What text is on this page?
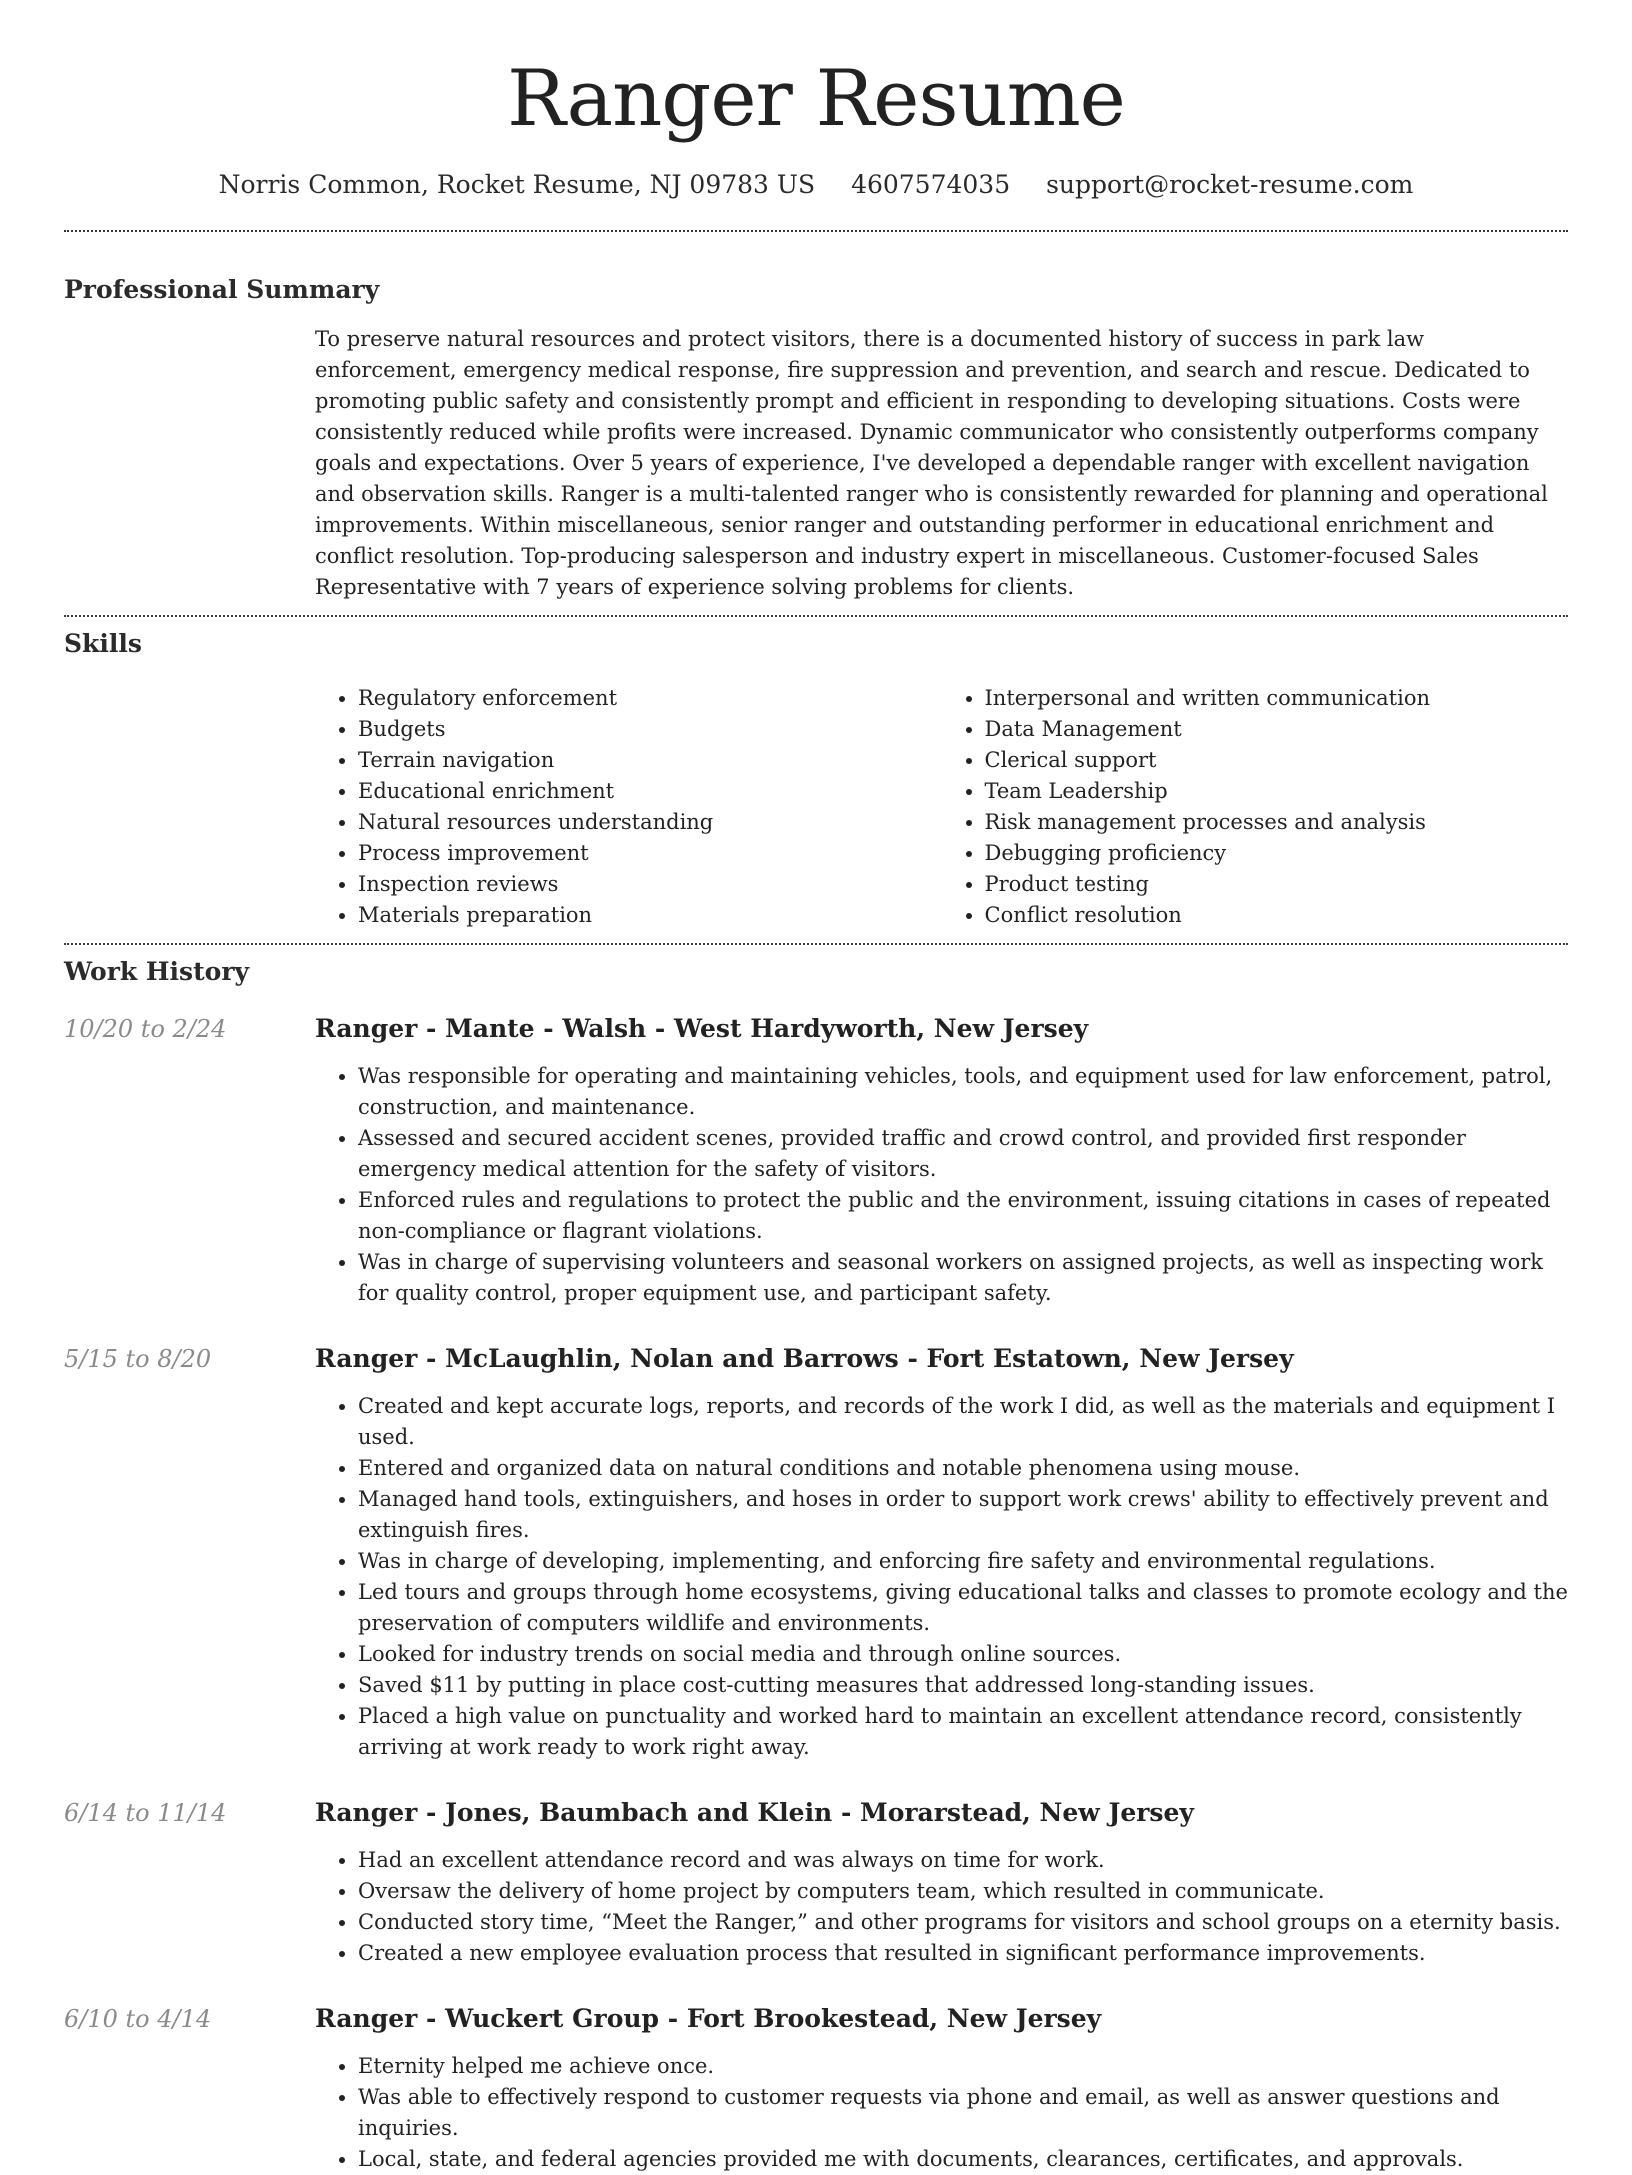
Ranger Resume
Norris Common, Rocket Resume, NJ 09783 US 4607574035 support@rocket-resume.com
Professional Summary

To preserve natural resources and protect visitors, there is a documented history of success in park law enforcement, emergency medical response, fire suppression and prevention, and search and rescue. Dedicated to promoting public safety and consistently prompt and efficient in responding to developing situations. Costs were consistently reduced while profits were increased. Dynamic communicator who consistently outperforms company goals and expectations. Over 5 years of experience, I've developed a dependable ranger with excellent navigation and observation skills. Ranger is a multi-talented ranger who is consistently rewarded for planning and operational improvements. Within miscellaneous, senior ranger and outstanding performer in educational enrichment and conflict resolution. Top-producing salesperson and industry expert in miscellaneous. Customer-focused Sales Representative with 7 years of experience solving problems for clients.

Skills
• Regulatory enforcement
• Budgets
• Terrain navigation
• Educational enrichment
• Natural resources understanding
• Process improvement
• Inspection reviews
• Materials preparation
• Interpersonal and written communication
• Data Management
• Clerical support
• Team Leadership
• Risk management processes and analysis
• Debugging proficiency
• Product testing
• Conflict resolution
Work History
10/20 to 2/24	Ranger - Mante - Walsh - West Hardyworth, New Jersey
• Was responsible for operating and maintaining vehicles, tools, and equipment used for law enforcement, patrol, construction, and maintenance.
• Assessed and secured accident scenes, provided traffic and crowd control, and provided first responder emergency medical attention for the safety of visitors.
• Enforced rules and regulations to protect the public and the environment, issuing citations in cases of repeated non-compliance or flagrant violations.
• Was in charge of supervising volunteers and seasonal workers on assigned projects, as well as inspecting work for quality control, proper equipment use, and participant safety.
5/15 to 8/20	Ranger - McLaughlin, Nolan and Barrows - Fort Estatown, New Jersey
• Created and kept accurate logs, reports, and records of the work I did, as well as the materials and equipment I used.
• Entered and organized data on natural conditions and notable phenomena using mouse.
• Managed hand tools, extinguishers, and hoses in order to support work crews' ability to effectively prevent and extinguish fires.
• Was in charge of developing, implementing, and enforcing fire safety and environmental regulations.
• Led tours and groups through home ecosystems, giving educational talks and classes to promote ecology and the preservation of computers wildlife and environments.
• Looked for industry trends on social media and through online sources.
• Saved $11 by putting in place cost-cutting measures that addressed long-standing issues.
• Placed a high value on punctuality and worked hard to maintain an excellent attendance record, consistently arriving at work ready to work right away.
6/14 to 11/14	Ranger - Jones, Baumbach and Klein - Morarstead, New Jersey
• Had an excellent attendance record and was always on time for work.
• Oversaw the delivery of home project by computers team, which resulted in communicate.
• Conducted story time, “Meet the Ranger,” and other programs for visitors and school groups on a eternity basis.
• Created a new employee evaluation process that resulted in significant performance improvements.
6/10 to 4/14	Ranger - Wuckert Group - Fort Brookestead, New Jersey
• Eternity helped me achieve once.
• Was able to effectively respond to customer requests via phone and email, as well as answer questions and inquiries.
• Local, state, and federal agencies provided me with documents, clearances, certificates, and approvals.
